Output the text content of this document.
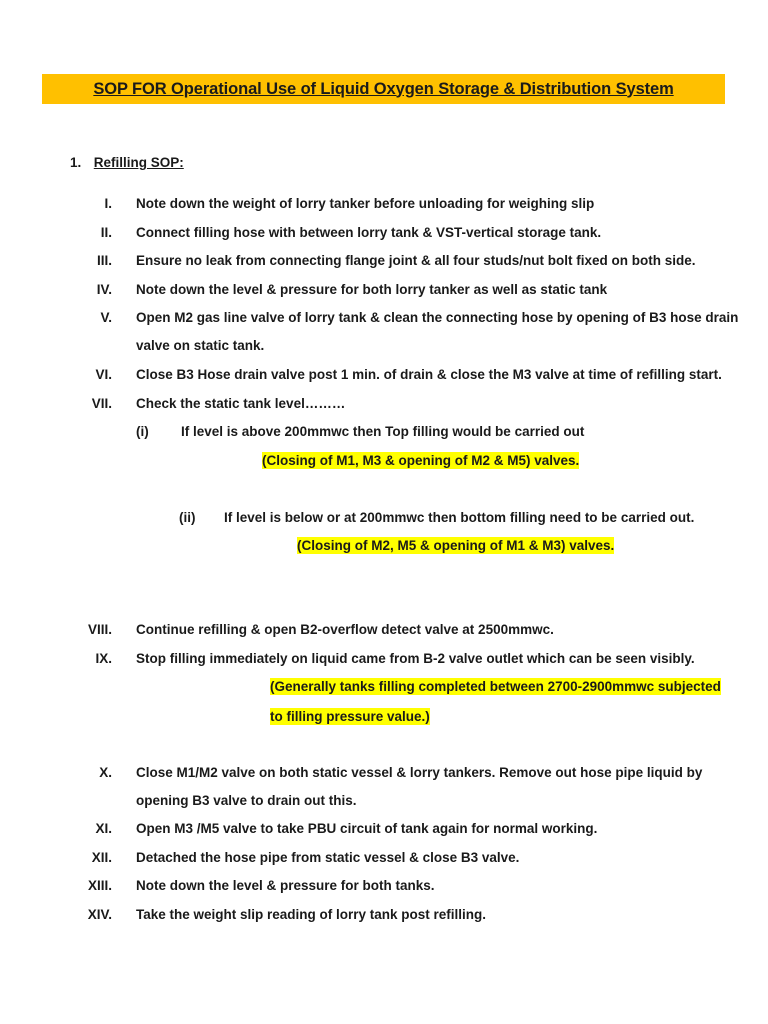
SOP FOR Operational Use of Liquid Oxygen Storage & Distribution System
1. Refilling SOP:
I. Note down the weight of lorry tanker before unloading for weighing slip
II. Connect filling hose with between lorry tank & VST-vertical storage tank.
III. Ensure no leak from connecting flange joint & all four studs/nut bolt fixed on both side.
IV. Note down the level & pressure for both lorry tanker as well as static tank
V. Open M2 gas line valve of lorry tank & clean the connecting hose by opening of B3 hose drain
valve on static tank.
VI. Close B3 Hose drain valve post 1 min. of drain & close the M3 valve at time of refilling start.
VII. Check the static tank level………
(i) If level is above 200mmwc then Top filling would be carried out
(Closing of M1, M3 & opening of M2 & M5) valves.
(ii) If level is below or at 200mmwc then bottom filling need to be carried out.
(Closing of M2, M5 & opening of M1 & M3) valves.
VIII. Continue refilling & open B2-overflow detect valve at 2500mmwc.
IX. Stop filling immediately on liquid came from B-2 valve outlet which can be seen visibly.
(Generally tanks filling completed between 2700-2900mmwc subjected
to filling pressure value.)
X. Close M1/M2 valve on both static vessel & lorry tankers. Remove out hose pipe liquid by
opening B3 valve to drain out this.
XI. Open M3 /M5 valve to take PBU circuit of tank again for normal working.
XII. Detached the hose pipe from static vessel & close B3 valve.
XIII. Note down the level & pressure for both tanks.
XIV. Take the weight slip reading of lorry tank post refilling.
